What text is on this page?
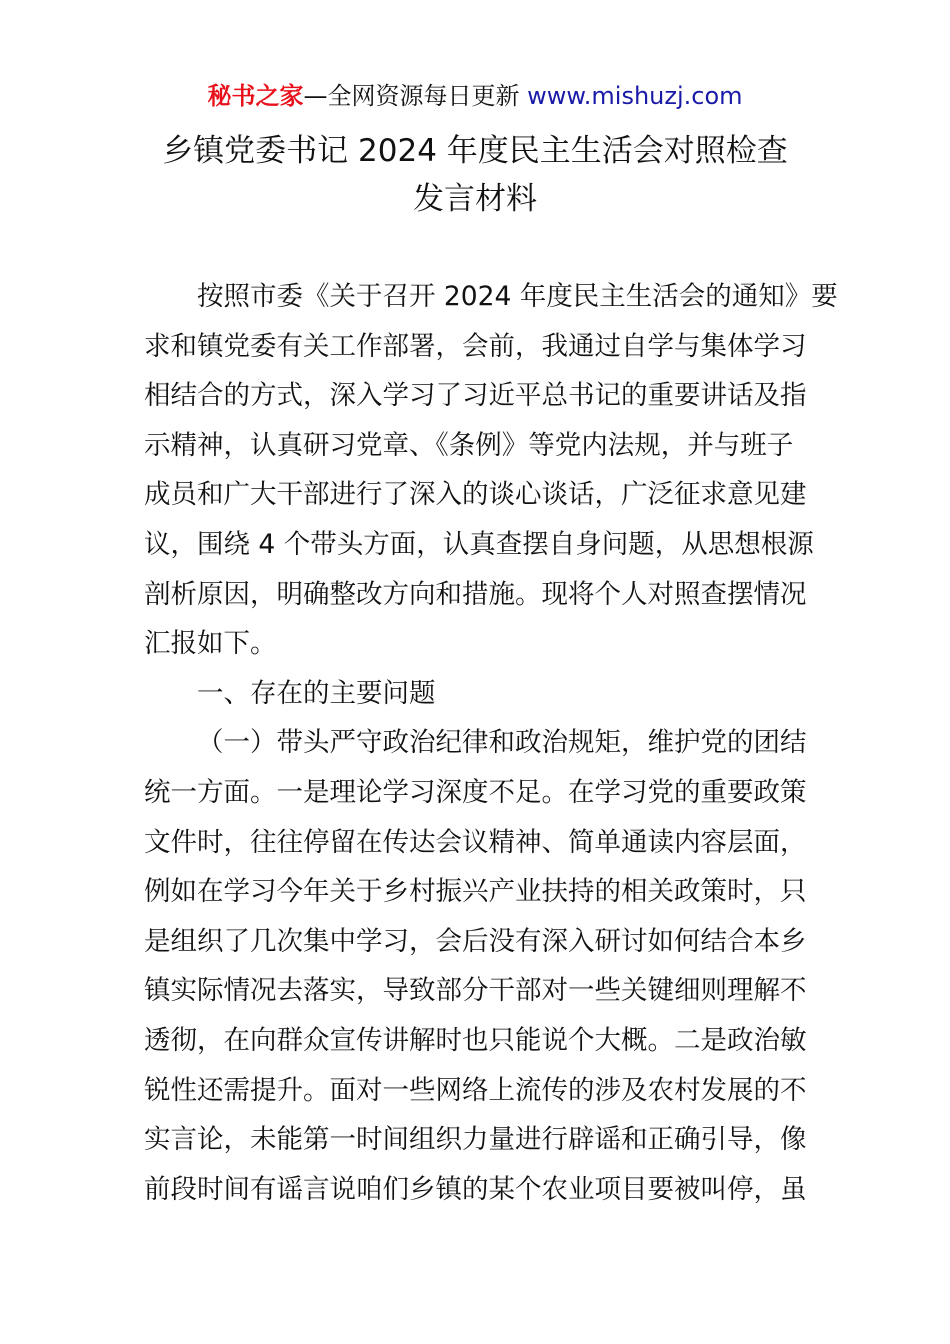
秘书之家—全网资源每日更新 www.mishuzj.com
乡镇党委书记 2024 年度民主生活会对照检查
发言材料
按照市委《关于召开 2024 年度民主生活会的通知》要
求和镇党委有关工作部署，会前，我通过自学与集体学习
相结合的方式，深入学习了习近平总书记的重要讲话及指
示精神，认真研习党章、《条例》等党内法规，并与班子
成员和广大干部进行了深入的谈心谈话，广泛征求意见建
议，围绕 4 个带头方面，认真查摆自身问题，从思想根源
剖析原因，明确整改方向和措施。现将个人对照查摆情况
汇报如下。
一、存在的主要问题
（一）带头严守政治纪律和政治规矩，维护党的团结
统一方面。一是理论学习深度不足。在学习党的重要政策
文件时，往往停留在传达会议精神、简单通读内容层面，
例如在学习今年关于乡村振兴产业扶持的相关政策时，只
是组织了几次集中学习，会后没有深入研讨如何结合本乡
镇实际情况去落实，导致部分干部对一些关键细则理解不
透彻，在向群众宣传讲解时也只能说个大概。二是政治敏
锐性还需提升。面对一些网络上流传的涉及农村发展的不
实言论，未能第一时间组织力量进行辟谣和正确引导，像
前段时间有谣言说咱们乡镇的某个农业项目要被叫停，虽
